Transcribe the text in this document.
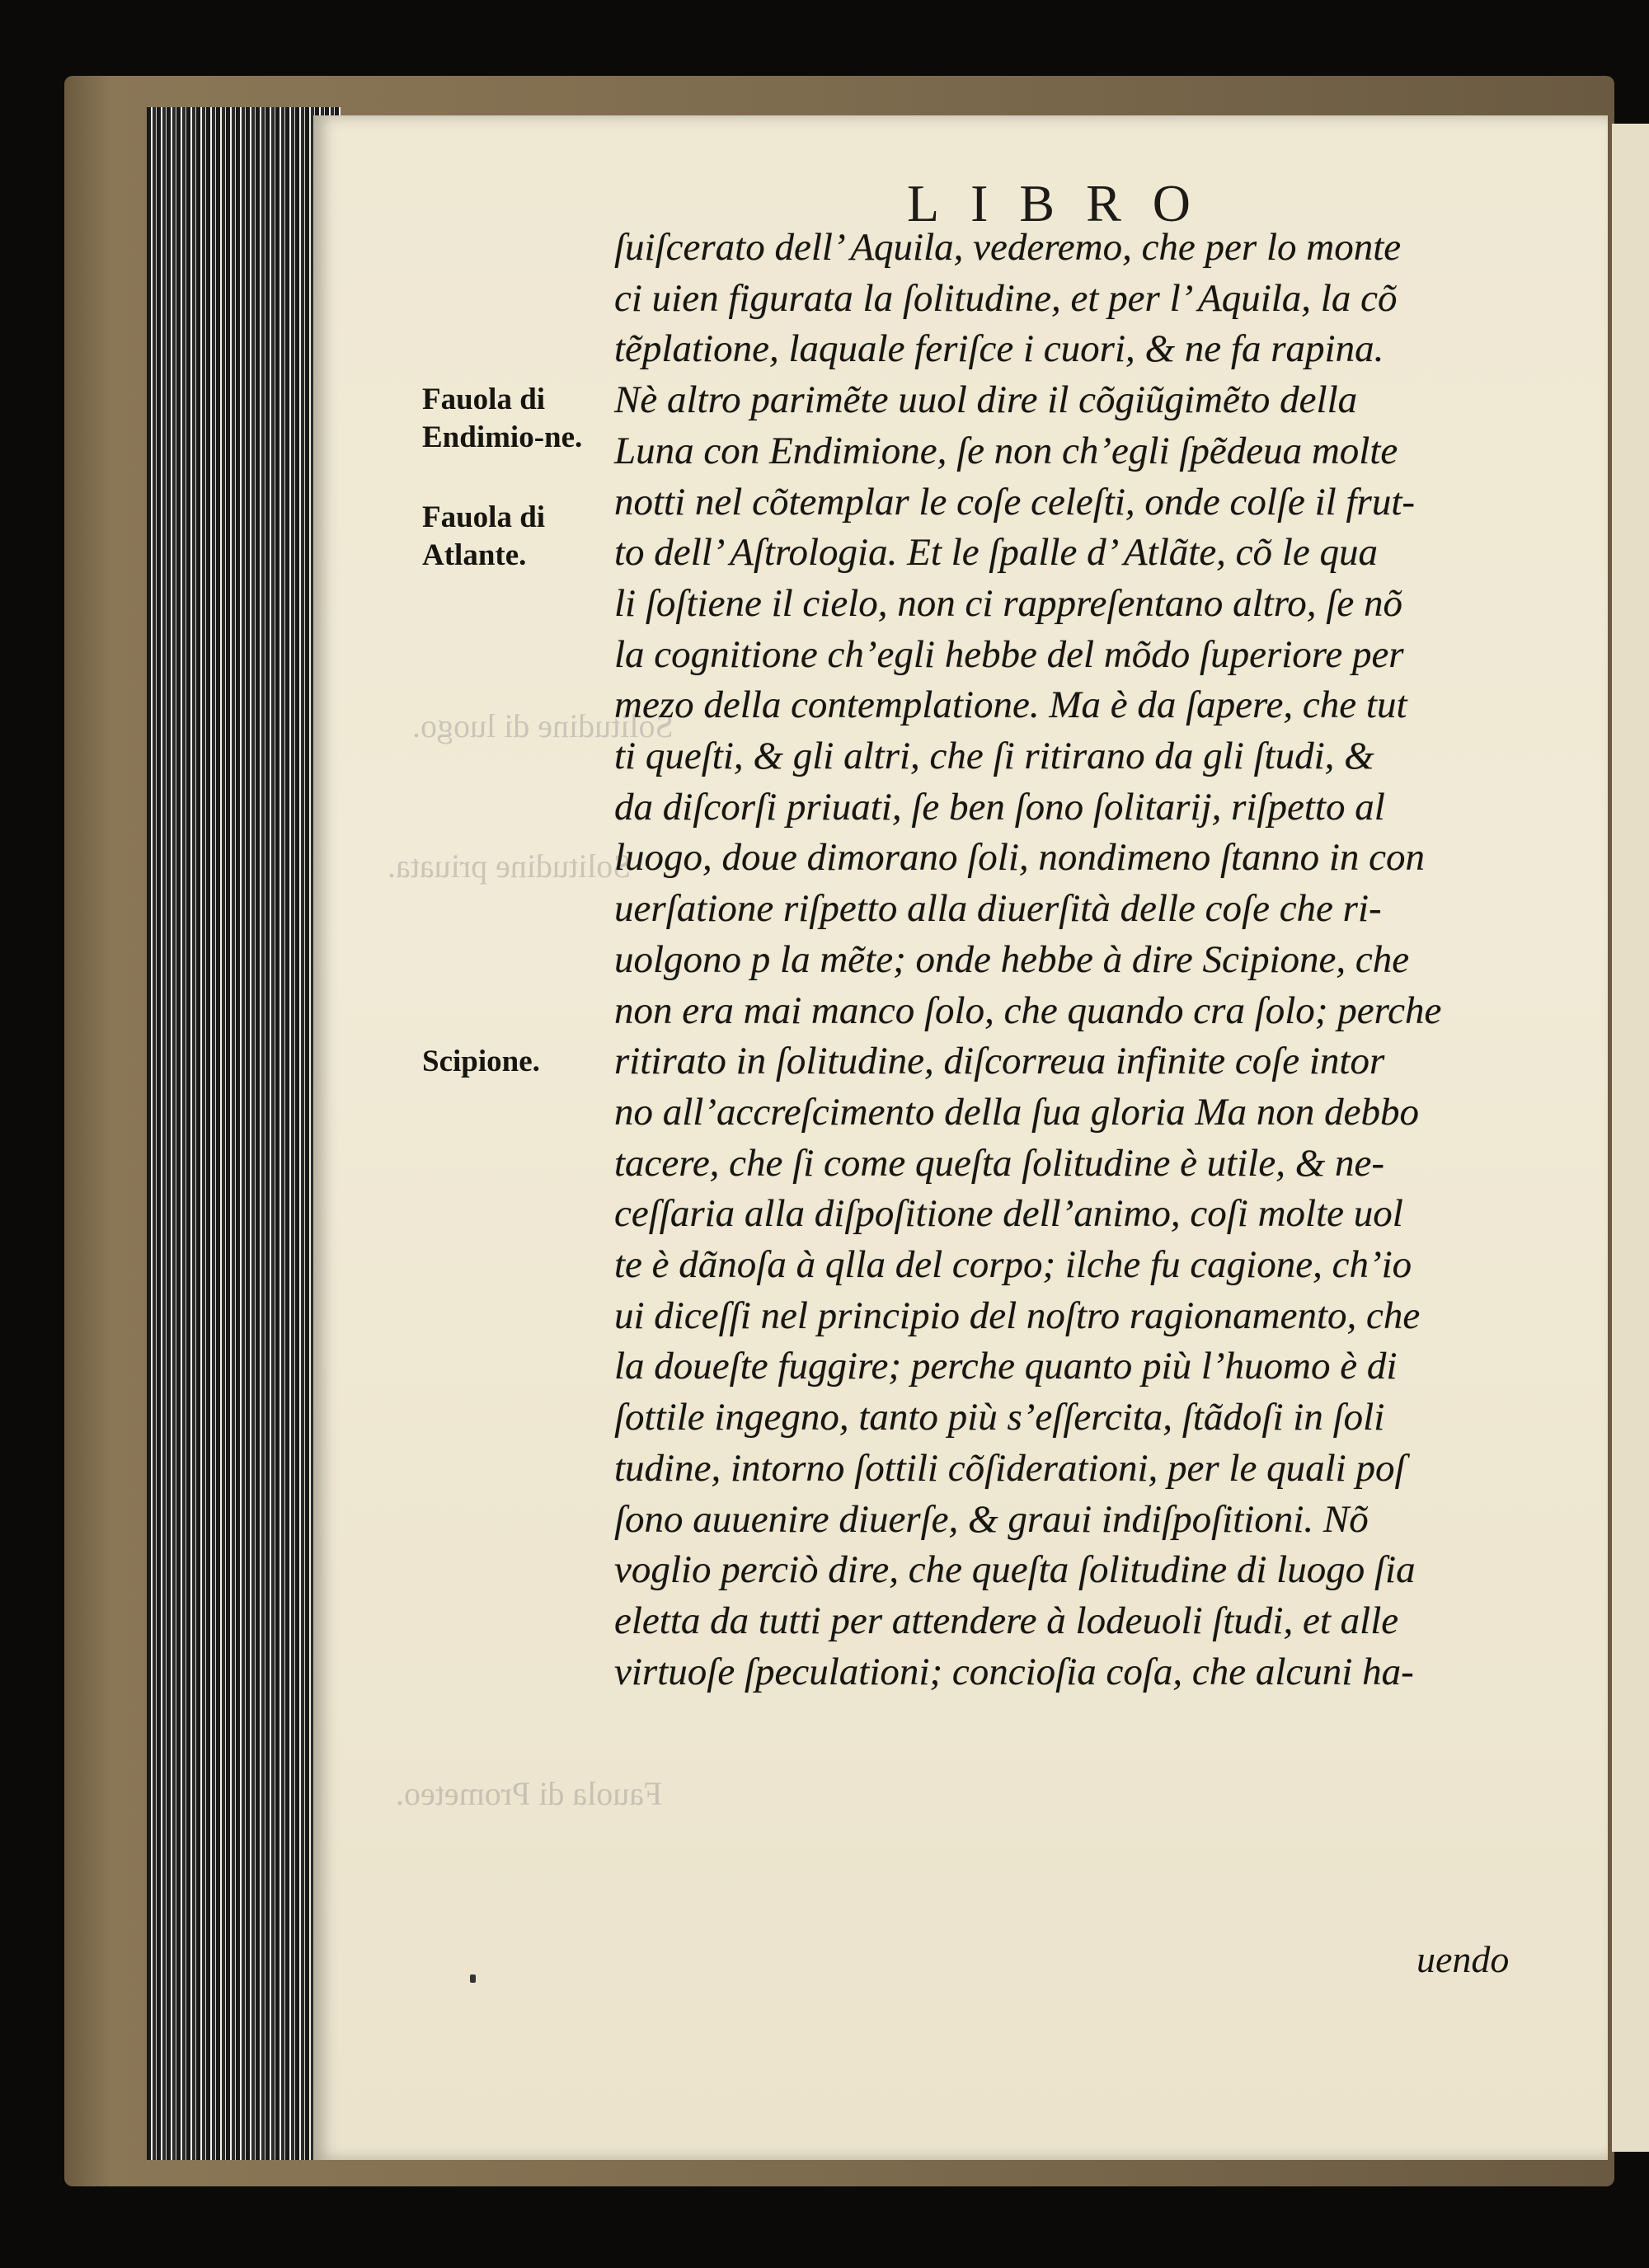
Solitudine di luogo.
Solitudine priuata.
Fauola di Prometeo.
LIBRO
Fauola di Endimio-ne.
Fauola di Atlante.
Scipione.
ſuiſcerato dell’ Aquila, vederemo, che per lo monte
ci uien figurata la ſolitudine, et per l’ Aquila, la cõ
tẽplatione, laquale feriſce i cuori, & ne fa rapina.
Nè altro parimẽte uuol dire il cõgiũgimẽto della
Luna con Endimione, ſe non ch’egli ſpẽdeua molte
notti nel cõtemplar le coſe celeſti, onde colſe il frut-
to dell’ Aſtrologia. Et le ſpalle d’ Atlãte, cõ le qua
li ſoſtiene il cielo, non ci rappreſentano altro, ſe nõ
la cognitione ch’egli hebbe del mõdo ſuperiore per
mezo della contemplatione. Ma è da ſapere, che tut
ti queſti, & gli altri, che ſi ritirano da gli ſtudi, &
da diſcorſi priuati, ſe ben ſono ſolitarij, riſpetto al
luogo, doue dimorano ſoli, nondimeno ſtanno in con
uerſatione riſpetto alla diuerſità delle coſe che ri-
uolgono p la mẽte; onde hebbe à dire Scipione, che
non era mai manco ſolo, che quando cra ſolo; perche
ritirato in ſolitudine, diſcorreua infinite coſe intor
no all’accreſcimento della ſua gloria Ma non debbo
tacere, che ſi come queſta ſolitudine è utile, & ne-
ceſſaria alla diſpoſitione dell’animo, coſi molte uol
te è dãnoſa à qlla del corpo; ilche fu cagione, ch’io
ui diceſſi nel principio del noſtro ragionamento, che
la doueſte fuggire; perche quanto più l’huomo è di
ſottile ingegno, tanto più s’eſſercita, ſtãdoſi in ſoli
tudine, intorno ſottili cõſiderationi, per le quali poſ
ſono auuenire diuerſe, & graui indiſpoſitioni. Nõ
voglio perciò dire, che queſta ſolitudine di luogo ſia
eletta da tutti per attendere à lodeuoli ſtudi, et alle
virtuoſe ſpeculationi; concioſia coſa, che alcuni ha-
uendo
